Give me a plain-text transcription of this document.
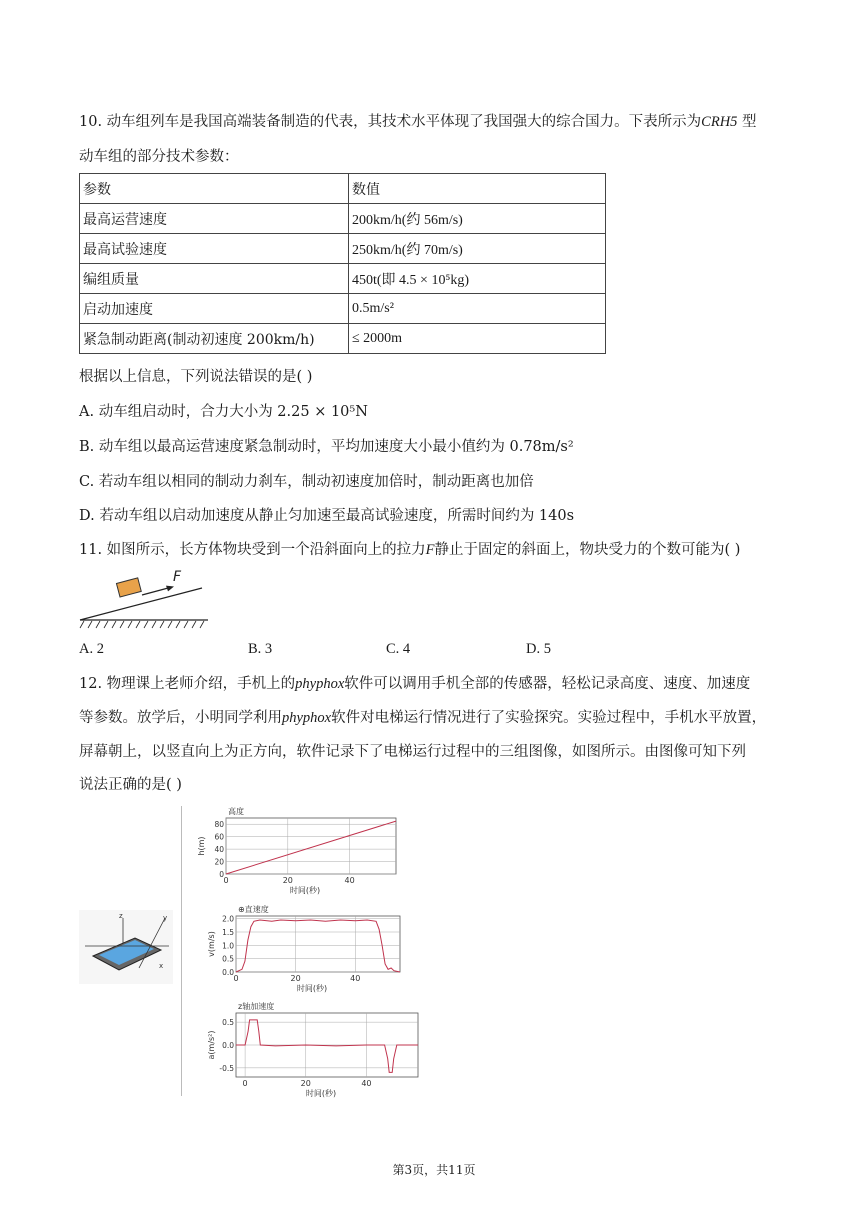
10. 动车组列车是我国高端装备制造的代表，其技术水平体现了我国强大的综合国力。下表所示为CRH5 型
动车组的部分技术参数：
参数	数值
最高运营速度	200km/h(约 56m/s)
最高试验速度	250km/h(约 70m/s)
编组质量	450t(即 4.5 × 10⁵kg)
启动加速度	0.5m/s²
紧急制动距离(制动初速度 200km/h)	≤ 2000m
根据以上信息，下列说法错误的是( )
A. 动车组启动时，合力大小为 2.25 × 10⁵N
B. 动车组以最高运营速度紧急制动时，平均加速度大小最小值约为 0.78m/s²
C. 若动车组以相同的制动力刹车，制动初速度加倍时，制动距离也加倍
D. 若动车组以启动加速度从静止匀加速至最高试验速度，所需时间约为 140s
11. 如图所示，长方体物块受到一个沿斜面向上的拉力F静止于固定的斜面上，物块受力的个数可能为( )
F
A. 2	B. 3	C. 4	D. 5
12. 物理课上老师介绍，手机上的phyphox软件可以调用手机全部的传感器，轻松记录高度、速度、加速度
等参数。放学后，小明同学利用phyphox软件对电梯运行情况进行了实验探究。实验过程中，手机水平放置，
屏幕朝上，以竖直向上为正方向，软件记录下了电梯运行过程中的三组图像，如图所示。由图像可知下列
说法正确的是( )
z	y
x
高度
0	20	40
0
20
40
60
80
时间(秒)
h(m)
⊕直速度
0	20	40
0.0
0.5
1.0
1.5
2.0
时间(秒)
v(m/s)
z轴加速度
0	20	40
-0.5
0.0
0.5
时间(秒)
a(m/s²)
第3页，共11页
